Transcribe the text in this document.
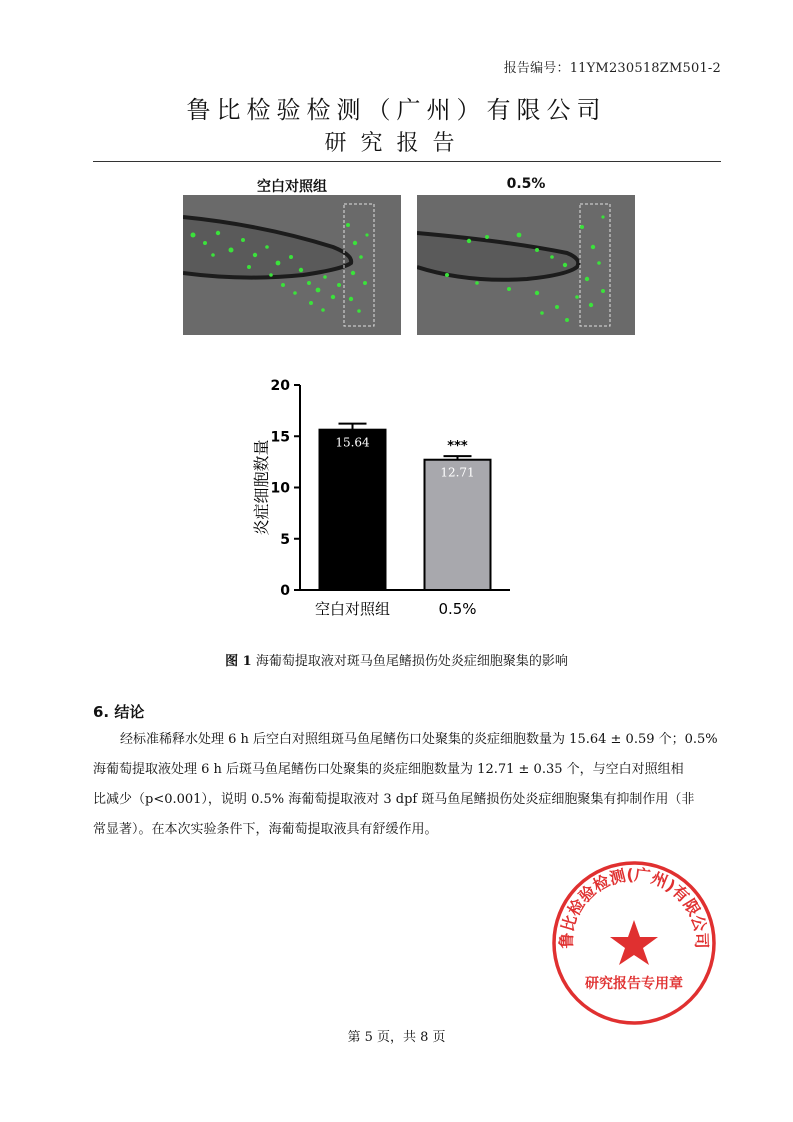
报告编号：11YM230518ZM501-2
鲁比检验检测（广州）有限公司
研究报告
空白对照组	0.5%
0
5
10
15
20
炎症细胞数量	15.64
空白对照组
12.71
***
0.5%
图 1 海葡萄提取液对斑马鱼尾鳍损伤处炎症细胞聚集的影响
6. 结论
经标准稀释水处理 6 h 后空白对照组斑马鱼尾鳍伤口处聚集的炎症细胞数量为 15.64 ± 0.59 个；0.5%
海葡萄提取液处理 6 h 后斑马鱼尾鳍伤口处聚集的炎症细胞数量为 12.71 ± 0.35 个，与空白对照组相
比减少（p<0.001），说明 0.5% 海葡萄提取液对 3 dpf 斑马鱼尾鳍损伤处炎症细胞聚集有抑制作用（非
常显著）。在本次实验条件下，海葡萄提取液具有舒缓作用。
鲁比检验检测(广州)有限公司
研究报告专用章
第 5 页，共 8 页
